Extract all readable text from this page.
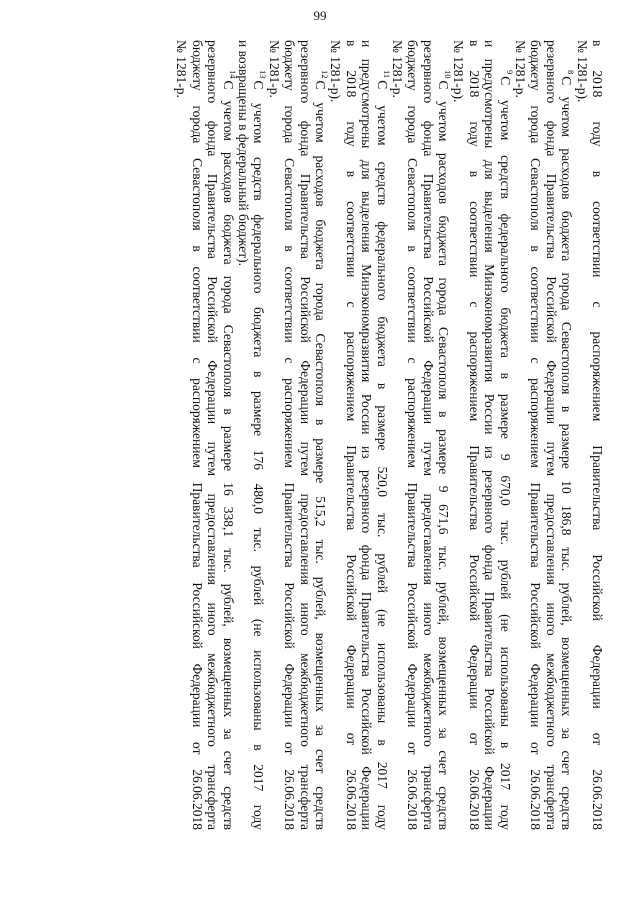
99
в 2018 году в соответствии с распоряжением Правительства Российской Федерации от 26.06.2018
№ 1281-р).
$^8$С учетом расходов бюджета города Севастополя в размере 10 186,8 тыс. рублей, возмещенных за счет средств
резервного фонда Правительства Российской Федерации путем предоставления иного межбюджетного трансферта
бюджету города Севастополя в соответствии с распоряжением Правительства Российской Федерации от 26.06.2018
№ 1281-р.
$^9$С учетом средств федерального бюджета в размере 9 670,0 тыс. рублей (не использованы в 2017 году
и предусмотрены для выделения Минэкономразвития России из резервного фонда Правительства Российской Федерации
в 2018 году в соответствии с распоряжением Правительства Российской Федерации от 26.06.2018
№ 1281-р).
$^{10}$С учетом расходов бюджета города Севастополя в размере 9 671,6 тыс. рублей, возмещенных за счет средств
резервного фонда Правительства Российской Федерации путем предоставления иного межбюджетного трансферта
бюджету города Севастополя в соответствии с распоряжением Правительства Российской Федерации от 26.06.2018
№ 1281-р.
$^{11}$С учетом средств федерального бюджета в размере 520,0 тыс. рублей (не использованы в 2017 году
и предусмотрены для выделения Минэкономразвития России из резервного фонда Правительства Российской Федерации
в 2018 году в соответствии с распоряжением Правительства Российской Федерации от 26.06.2018
№ 1281-р).
$^{12}$С учетом расходов бюджета города Севастополя в размере 515,2 тыс. рублей, возмещенных за счет средств
резервного фонда Правительства Российской Федерации путем предоставления иного межбюджетного трансферта
бюджету города Севастополя в соответствии с распоряжением Правительства Российской Федерации от 26.06.2018
№ 1281-р.
$^{13}$С учетом средств федерального бюджета в размере 176 480,0 тыс. рублей (не использованы в 2017 году
и возвращены в федеральный бюджет).
$^{14}$С учетом расходов бюджета города Севастополя в размере 16 338,1 тыс. рублей, возмещенных за счет средств
резервного фонда Правительства Российской Федерации путем предоставления иного межбюджетного трансферта
бюджету города Севастополя в соответствии с распоряжением Правительства Российской Федерации от 26.06.2018
№ 1281-р.
